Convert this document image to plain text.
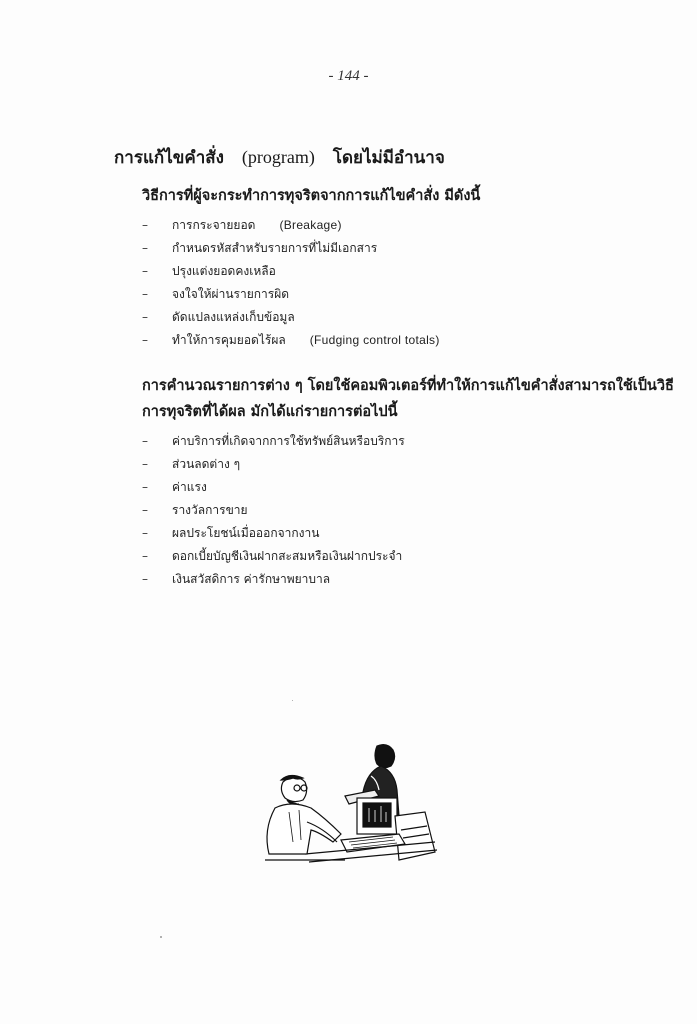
- 144 -
การแก้ไขคำสั่ง (program) โดยไม่มีอำนาจ
วิธีการที่ผู้จะกระทำการทุจริตจากการแก้ไขคำสั่ง มีดังนี้
–	การกระจายยอด (Breakage)
–	กำหนดรหัสสำหรับรายการที่ไม่มีเอกสาร
–	ปรุงแต่งยอดคงเหลือ
–	จงใจให้ผ่านรายการผิด
–	ดัดแปลงแหล่งเก็บข้อมูล
–	ทำให้การคุมยอดไร้ผล (Fudging control totals)
การคำนวณรายการต่าง ๆ โดยใช้คอมพิวเตอร์ที่ทำให้การแก้ไขคำสั่งสามารถใช้เป็นวิธี
การทุจริตที่ได้ผล มักได้แก่รายการต่อไปนี้
–	ค่าบริการที่เกิดจากการใช้ทรัพย์สินหรือบริการ
–	ส่วนลดต่าง ๆ
–	ค่าแรง
–	รางวัลการขาย
–	ผลประโยชน์เมื่อออกจากงาน
–	ดอกเบี้ยบัญชีเงินฝากสะสมหรือเงินฝากประจำ
–	เงินสวัสดิการ ค่ารักษาพยาบาล
